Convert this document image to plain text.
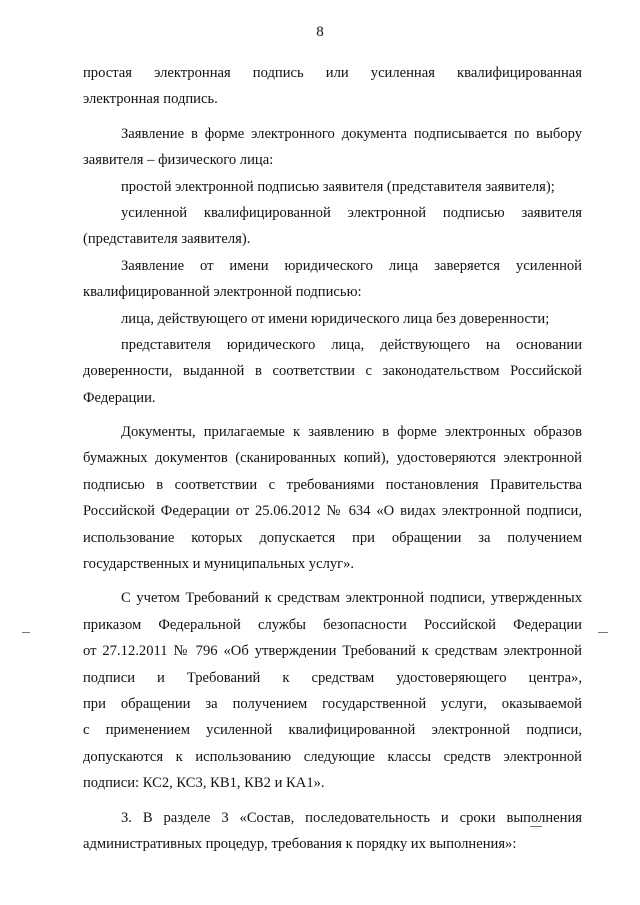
8
простая электронная подпись или усиленная квалифицированная
электронная подпись.
Заявление в форме электронного документа подписывается по выбору
заявителя – физического лица:
простой электронной подписью заявителя (представителя заявителя);
усиленной квалифицированной электронной подписью заявителя
(представителя заявителя).
Заявление от имени юридического лица заверяется усиленной
квалифицированной электронной подписью:
лица, действующего от имени юридического лица без доверенности;
представителя юридического лица, действующего на основании
доверенности, выданной в соответствии с законодательством Российской
Федерации.
Документы, прилагаемые к заявлению в форме электронных образов
бумажных документов (сканированных копий), удостоверяются электронной
подписью в соответствии с требованиями постановления Правительства
Российской Федерации от 25.06.2012 № 634 «О видах электронной подписи,
использование которых допускается при обращении за получением
государственных и муниципальных услуг».
С учетом Требований к средствам электронной подписи, утвержденных
приказом Федеральной службы безопасности Российской Федерации
от 27.12.2011 № 796 «Об утверждении Требований к средствам электронной
подписи и Требований к средствам удостоверяющего центра»,
при обращении за получением государственной услуги, оказываемой
с применением усиленной квалифицированной электронной подписи,
допускаются к использованию следующие классы средств электронной
подписи: КС2, КС3, КВ1, КВ2 и КА1».
3. В разделе 3 «Состав, последовательность и сроки выполнения
административных процедур, требования к порядку их выполнения»:
